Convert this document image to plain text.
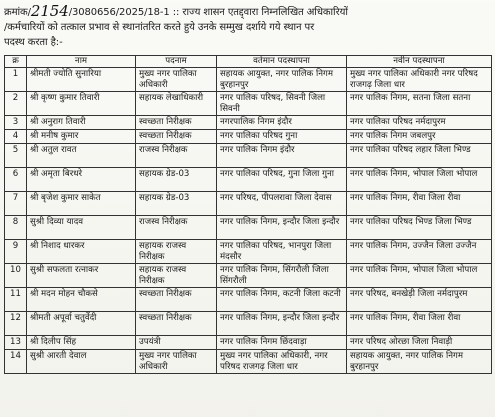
क्रमांक/2154/3080656/2025/18-1 :: राज्य शासन एतद्द्वारा निम्नलिखित अधिकारियों
/कर्मचारियों को तत्काल प्रभाव से स्थानांतरित करते हुये उनके सम्मुख दर्शाये गये स्थान पर
पदस्थ करता है:-
क्र	नाम	पदनाम	वर्तमान पदस्थापना	नवीन पदस्थापना
1	श्रीमती ज्योति सुनारिया	मुख्य नगर पालिका अधिकारी	सहायक आयुक्त, नगर पालिक निगम बुरहानपुर	मुख्य नगर पालिका अधिकारी नगर परिषद राजगढ़ जिला धार
2	श्री कृष्ण कुमार तिवारी	सहायक लेखाधिकारी	नगर पालिक परिषद, सिवनी जिला सिवनी	नगर पालिक निगम, सतना जिला सतना
3	श्री अनुराग तिवारी	स्वच्छता निरीक्षक	नगरपालिक निगम इंदौर	नगर पालिका परिषद नर्मदापुरम
4	श्री मनीष कुमार	स्वच्छता निरीक्षक	नगर पालिका परिषद गुना	नगर पालिक निगम जबलपुर
5	श्री अतुल रावत	राजस्व निरीक्षक	नगर पालिक निगम इंदौर	नगर पालिका परिषद लहार जिला भिण्ड
6	श्री अमृता बिरधरे	सहायक ग्रेड-03	नगर पालिका परिषद, गुना जिला गुना	नगर पालिक निगम, भोपाल जिला भोपाल
7	श्री बृजेश कुमार साकेत	सहायक ग्रेड-03	नगर परिषद, पीपलरावा जिला देवास	नगर पालिक निगम, रीवा जिला रीवा
8	सुश्री दिव्या यादव	राजस्व निरीक्षक	नगर पालिक निगम, इन्दौर जिला इन्दौर	नगर पालिका परिषद भिण्ड जिला भिण्ड
9	श्री निशाद धारकर	सहायक राजस्व निरीक्षक	नगर पालिका परिषद, भानपुरा जिला मंदसौर	नगर पालिक निगम, उज्जैन जिला उज्जैन
10	सुश्री सफलता रत्नाकर	सहायक राजस्व निरीक्षक	नगर पालिक निगम, सिंगरौली जिला सिंगरौली	नगर पालिक निगम, भोपाल जिला भोपाल
11	श्री मदन मोहन चौकसे	स्वच्छता निरीक्षक	नगर पालिक निगम, कटनी जिला कटनी	नगर परिषद, बनखेड़ी जिला नर्मदापुरम
12	श्रीमती अपूर्वा चतुर्वेदी	स्वच्छता निरीक्षक	नगर पालिक निगम, इन्दौर जिला इन्दौर	नगर पालिक निगम, रीवा जिला रीवा
13	श्री दिलीप सिंह	उपयंत्री	नगर पालिक निगम छिंदवाड़ा	नगर परिषद ओरछा जिला निवाड़ी
14	सुश्री आरती देवाल	मुख्य नगर पालिका अधिकारी	मुख्य नगर पालिका अधिकारी, नगर परिषद राजगढ़ जिला धार	सहायक आयुक्त, नगर पालिक निगम बुरहानपुर
